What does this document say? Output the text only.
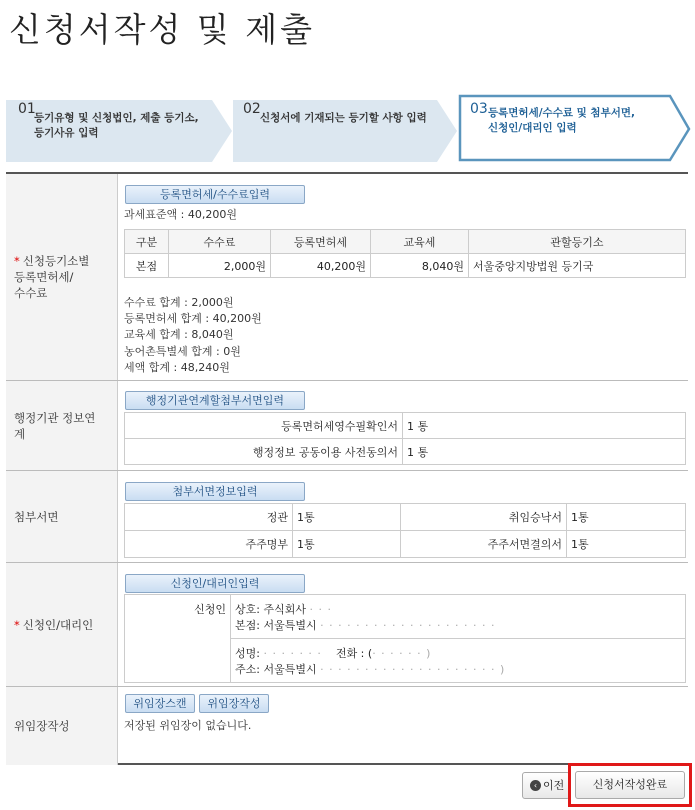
신청서작성 및 제출
01
등기유형 및 신청법인, 제출 등기소,
등기사유 입력
02
신청서에 기재되는 등기할 사항 입력
03 등록면허세/수수료 및 첨부서면,
신청인/대리인 입력
* 신청등기소별
등록면허세/
수수료
등록면허세/수수료입력
과세표준액 : 40,200원
구분	수수료	등록면허세	교육세	관할등기소
본점	2,000원	40,200원	8,040원	서울중앙지방법원 등기국
수수료 합계 : 2,000원
등록면허세 합계 : 40,200원
교육세 합계 : 8,040원
농어촌특별세 합계 : 0원
세액 합계 : 48,240원
행정기관 정보연
계
행정기관연계할첨부서면입력
등록면허세영수필확인서	1 통
행정정보 공동이용 사전동의서	1 통
첨부서면
첨부서면정보입력
정관	1통	취임승낙서	1통
주주명부	1통	주주서면결의서	1통
* 신청인/대리인
신청인/대리인입력
신청인	상호: 주식회사 · · ·
본점: 서울특별시 · · · · · · · · · · · · · · · · · · · ·

성명: · · · · · · · 전화 : (· · · · · · )
주소: 서울특별시 · · · · · · · · · · · · · · · · · · · · )
위임장작성
위임장스캔	위임장작성
저장된 위임장이 없습니다.
‹ 이전	신청서작성완료
